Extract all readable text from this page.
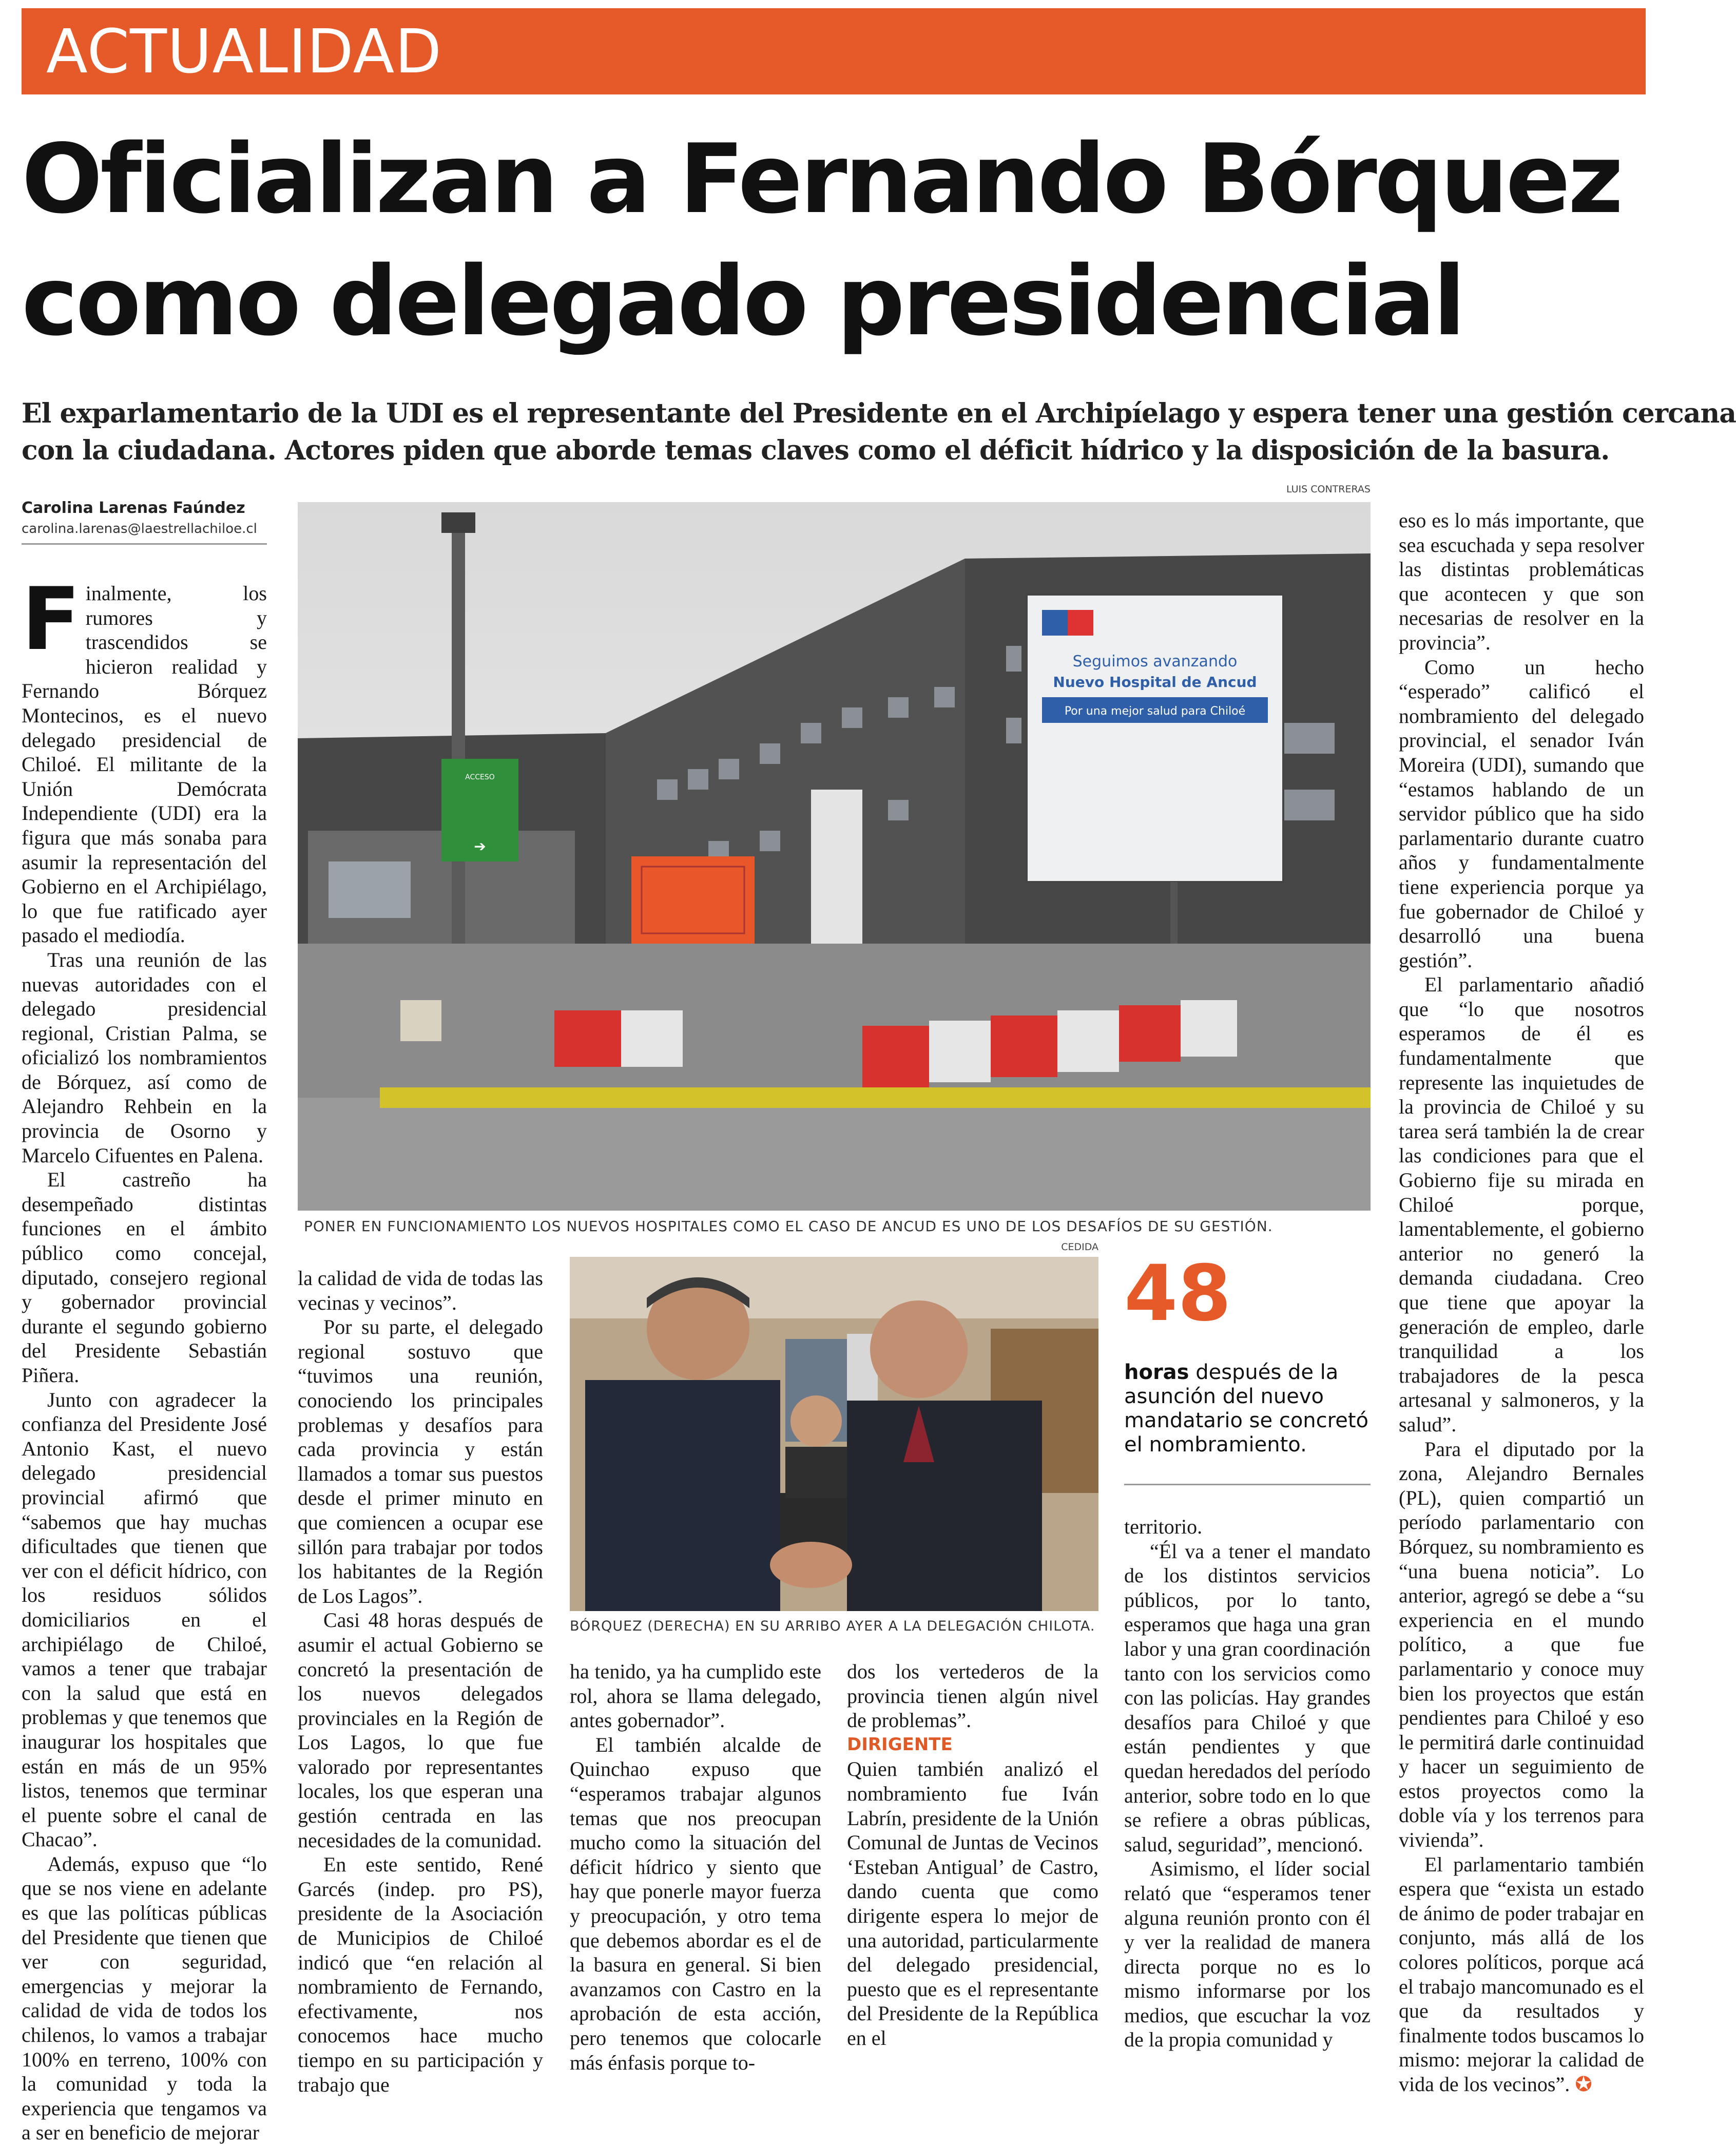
ACTUALIDAD
Oficializan a Fernando Bórquez
como delegado presidencial
El exparlamentario de la UDI es el representante del Presidente en el Archipíelago y espera tener una gestión cercana
con la ciudadana. Actores piden que aborde temas claves como el déficit hídrico y la disposición de la basura.
Carolina Larenas Faúndez
carolina.larenas@laestrellachiloe.cl
LUIS CONTRERAS
ACCESO
➔
Seguimos avanzando
Nuevo Hospital de Ancud
Por una mejor salud para Chiloé
PONER EN FUNCIONAMIENTO LOS NUEVOS HOSPITALES COMO EL CASO DE ANCUD ES UNO DE LOS DESAFÍOS DE SU GESTIÓN.
CEDIDA
BÓRQUEZ (DERECHA) EN SU ARRIBO AYER A LA DELEGACIÓN CHILOTA.
48
horas después de la asunción del nuevo mandatario se concretó el nombramiento.

Finalmente, los rumores y trascendidos se hicieron realidad y Fernando Bórquez Montecinos, es el nuevo delegado presidencial de Chiloé. El militante de la Unión Demócrata Independiente (UDI) era la figura que más sonaba para asumir la representación del Gobierno en el Archipiélago, lo que fue ratificado ayer pasado el mediodía.

Tras una reunión de las nuevas autoridades con el delegado presidencial regional, Cristian Palma, se oficializó los nombramientos de Bórquez, así como de Alejandro Rehbein en la provincia de Osorno y Marcelo Cifuentes en Palena.

El castreño ha desempeñado distintas funciones en el ámbito público como concejal, diputado, consejero regional y gobernador provincial durante el segundo gobierno del Presidente Sebastián Piñera.

Junto con agradecer la confianza del Presidente José Antonio Kast, el nuevo delegado presidencial provincial afirmó que “sabemos que hay muchas dificultades que tienen que ver con el déficit hídrico, con los residuos sólidos domiciliarios en el archipiélago de Chiloé, vamos a tener que trabajar con la salud que está en problemas y que tenemos que inaugurar los hospitales que están en más de un 95% listos, tenemos que terminar el puente sobre el canal de Chacao”.

Además, expuso que “lo que se nos viene en adelante es que las políticas públicas del Presidente que tienen que ver con seguridad, emergencias y mejorar la calidad de vida de todos los chilenos, lo vamos a trabajar 100% en terreno, 100% con la comunidad y toda la experiencia que tengamos va a ser en beneficio de mejorar

la calidad de vida de todas las vecinas y vecinos”.

Por su parte, el delegado regional sostuvo que “tuvimos una reunión, conociendo los principales problemas y desafíos para cada provincia y están llamados a tomar sus puestos desde el primer minuto en que comiencen a ocupar ese sillón para trabajar por todos los habitantes de la Región de Los Lagos”.

Casi 48 horas después de asumir el actual Gobierno se concretó la presentación de los nuevos delegados provinciales en la Región de Los Lagos, lo que fue valorado por representantes locales, los que esperan una gestión centrada en las necesidades de la comunidad.

En este sentido, René Garcés (indep. pro PS), presidente de la Asociación de Municipios de Chiloé indicó que “en relación al nombramiento de Fernando, efectivamente, nos conocemos hace mucho tiempo en su participación y trabajo que

ha tenido, ya ha cumplido este rol, ahora se llama delegado, antes gobernador”.

El también alcalde de Quinchao expuso que “esperamos trabajar algunos temas que nos preocupan mucho como la situación del déficit hídrico y siento que hay que ponerle mayor fuerza y preocupación, y otro tema que debemos abordar es el de la basura en general. Si bien avanzamos con Castro en la aprobación de esta acción, pero tenemos que colocarle más énfasis porque to-

dos los vertederos de la provincia tienen algún nivel de problemas”.

DIRIGENTE

Quien también analizó el nombramiento fue Iván Labrín, presidente de la Unión Comunal de Juntas de Vecinos ‘Esteban Antigual’ de Castro, dando cuenta que como dirigente espera lo mejor de una autoridad, particularmente del delegado presidencial, puesto que es el representante del Presidente de la República en el

territorio.

“Él va a tener el mandato de los distintos servicios públicos, por lo tanto, esperamos que haga una gran labor y una gran coordinación tanto con los servicios como con las policías. Hay grandes desafíos para Chiloé y que están pendientes y que quedan heredados del período anterior, sobre todo en lo que se refiere a obras públicas, salud, seguridad”, mencionó.

Asimismo, el líder social relató que “esperamos tener alguna reunión pronto con él y ver la realidad de manera directa porque no es lo mismo informarse por los medios, que escuchar la voz de la propia comunidad y

eso es lo más importante, que sea escuchada y sepa resolver las distintas problemáticas que acontecen y que son necesarias de resolver en la provincia”.

Como un hecho “esperado” calificó el nombramiento del delegado provincial, el senador Iván Moreira (UDI), sumando que “estamos hablando de un servidor público que ha sido parlamentario durante cuatro años y fundamentalmente tiene experiencia porque ya fue gobernador de Chiloé y desarrolló una buena gestión”.

El parlamentario añadió que “lo que nosotros esperamos de él es fundamentalmente que represente las inquietudes de la provincia de Chiloé y su tarea será también la de crear las condiciones para que el Gobierno fije su mirada en Chiloé porque, lamentablemente, el gobierno anterior no generó la demanda ciudadana. Creo que tiene que apoyar la generación de empleo, darle tranquilidad a los trabajadores de la pesca artesanal y salmoneros, y la salud”.

Para el diputado por la zona, Alejandro Bernales (PL), quien compartió un período parlamentario con Bórquez, su nombramiento es “una buena noticia”. Lo anterior, agregó se debe a “su experiencia en el mundo político, a que fue parlamentario y conoce muy bien los proyectos que están pendientes para Chiloé y eso le permitirá darle continuidad y hacer un seguimiento de estos proyectos como la doble vía y los terrenos para vivienda”.

El parlamentario también espera que “exista un estado de ánimo de poder trabajar en conjunto, más allá de los colores políticos, porque acá el trabajo mancomunado es el que da resultados y finalmente todos buscamos lo mismo: mejorar la calidad de vida de los vecinos”. ✪
